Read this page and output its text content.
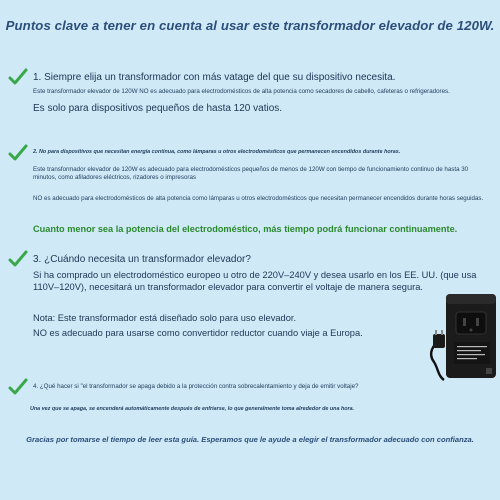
Puntos clave a tener en cuenta al usar este transformador elevador de 120W.
1. Siempre elija un transformador con más vatage del que su dispositivo necesita.
Este transformador elevador de 120W NO es adecuado para electrodomésticos de alta potencia como secadores de cabello, cafeteras o refrigeradores.
Es solo para dispositivos pequeños de hasta 120 vatios.
2. No para dispositivos que necesitan energía continua, como lámparas u otros electrodomésticos que permanecen encendidos durante horas.
Este transformador elevador de 120W es adecuado para electrodomésticos pequeños de menos de 120W con tiempo de funcionamiento continuo de hasta 30 minutos, como afiladores eléctricos, rizadores o impresoras
NO es adecuado para electrodomésticos de alta potencia como lámparas u otros electrodomésticos que necesitan permanecer encendidos durante horas seguidas.
Cuanto menor sea la potencia del electrodoméstico, más tiempo podrá funcionar continuamente.
3. ¿Cuándo necesita un transformador elevador?
Si ha comprado un electrodoméstico europeo u otro de 220V–240V y desea usarlo en los EE. UU. (que usa 110V–120V), necesitará un transformador elevador para convertir el voltaje de manera segura.
Nota: Este transformador está diseñado solo para uso elevador.
NO es adecuado para usarse como convertidor reductor cuando viaje a Europa.
4. ¿Qué hacer si "el transformador se apaga debido a la protección contra sobrecalentamiento y deja de emitir voltaje?
Una vez que se apaga, se encenderá automáticamente después de enfriarse, lo que generalmente toma alrededor de una hora.
Gracias por tomarse el tiempo de leer esta guía. Esperamos que le ayude a elegir el transformador adecuado con confianza.
